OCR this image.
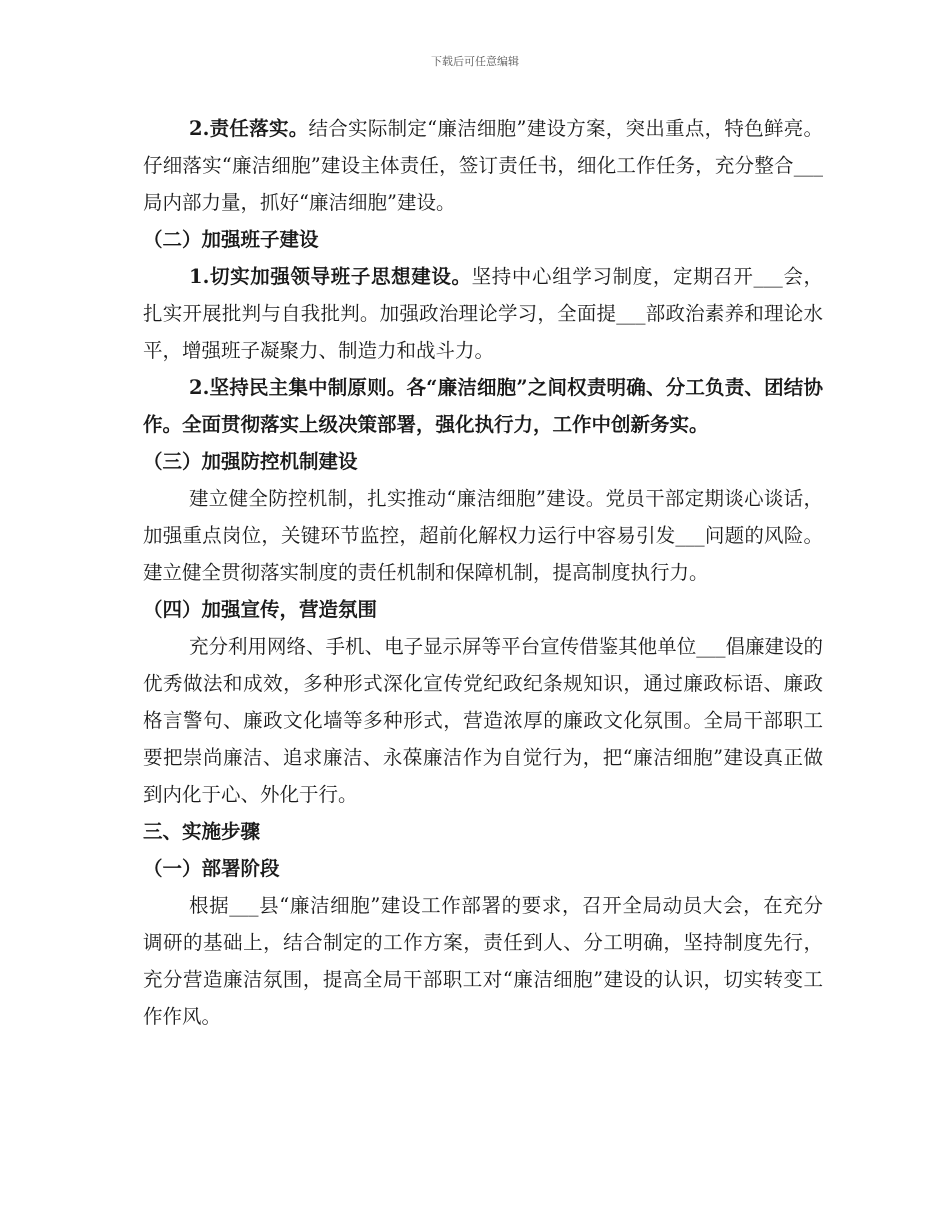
下载后可任意编辑

2.责任落实。结合实际制定“廉洁细胞”建设方案，突出重点，特色鲜亮。仔细落实“廉洁细胞”建设主体责任，签订责任书，细化工作任务，充分整合___局内部力量，抓好“廉洁细胞”建设。

（二）加强班子建设

1.切实加强领导班子思想建设。坚持中心组学习制度，定期召开___会，扎实开展批判与自我批判。加强政治理论学习，全面提___部政治素养和理论水平，增强班子凝聚力、制造力和战斗力。

2.坚持民主集中制原则。各“廉洁细胞”之间权责明确、分工负责、团结协作。全面贯彻落实上级决策部署，强化执行力，工作中创新务实。

（三）加强防控机制建设

建立健全防控机制，扎实推动“廉洁细胞”建设。党员干部定期谈心谈话，加强重点岗位，关键环节监控，超前化解权力运行中容易引发___问题的风险。建立健全贯彻落实制度的责任机制和保障机制，提高制度执行力。

（四）加强宣传，营造氛围

充分利用网络、手机、电子显示屏等平台宣传借鉴其他单位___倡廉建设的优秀做法和成效，多种形式深化宣传党纪政纪条规知识，通过廉政标语、廉政格言警句、廉政文化墙等多种形式，营造浓厚的廉政文化氛围。全局干部职工要把崇尚廉洁、追求廉洁、永葆廉洁作为自觉行为，把“廉洁细胞”建设真正做到内化于心、外化于行。

三、实施步骤

（一）部署阶段

根据___县“廉洁细胞”建设工作部署的要求，召开全局动员大会，在充分调研的基础上，结合制定的工作方案，责任到人、分工明确，坚持制度先行，充分营造廉洁氛围，提高全局干部职工对“廉洁细胞”建设的认识，切实转变工作作风。
